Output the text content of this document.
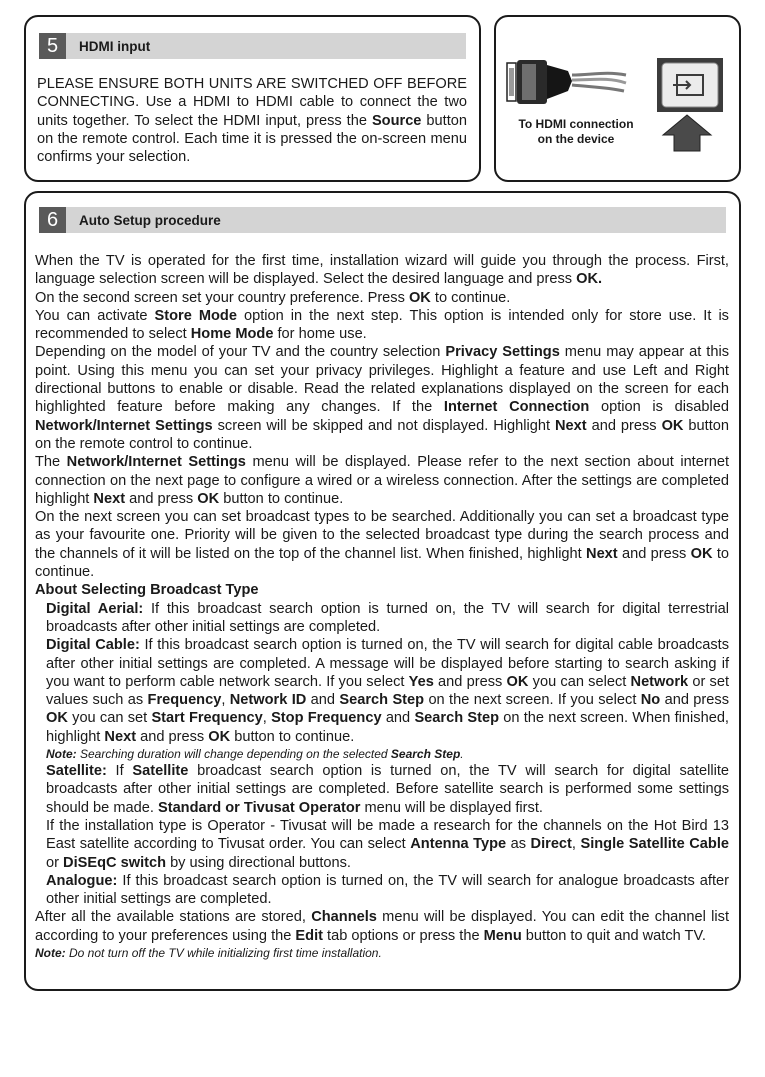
5	HDMI input

PLEASE ENSURE BOTH UNITS ARE SWITCHED OFF BEFORE CONNECTING. Use a HDMI to HDMI cable to connect the two units together. To select the HDMI input, press the Source button on the remote control. Each time it is pressed the on-screen menu confirms your selection.

To HDMI connection
on the device
6	Auto Setup procedure

When the TV is operated for the first time, installation wizard will guide you through the process. First, language selection screen will be displayed. Select the desired language and press OK.

On the second screen set your country preference. Press OK to continue.

You can activate Store Mode option in the next step. This option is intended only for store use. It is recommended to select Home Mode for home use.

Depending on the model of your TV and the country selection Privacy Settings menu may appear at this point. Using this menu you can set your privacy privileges. Highlight a feature and use Left and Right directional buttons to enable or disable. Read the related explanations displayed on the screen for each highlighted feature before making any changes. If the Internet Connection option is disabled Network/Internet Settings screen will be skipped and not displayed. Highlight Next and press OK button on the remote control to continue.

The Network/Internet Settings menu will be displayed. Please refer to the next section about internet connection on the next page to configure a wired or a wireless connection. After the settings are completed highlight Next and press OK button to continue.

On the next screen you can set broadcast types to be searched. Additionally you can set a broadcast type as your favourite one. Priority will be given to the selected broadcast type during the search process and the channels of it will be listed on the top of the channel list. When finished, highlight Next and press OK to continue.

About Selecting Broadcast Type

Digital Aerial: If this broadcast search option is turned on, the TV will search for digital terrestrial broadcasts after other initial settings are completed.

Digital Cable: If this broadcast search option is turned on, the TV will search for digital cable broadcasts after other initial settings are completed. A message will be displayed before starting to search asking if you want to perform cable network search. If you select Yes and press OK you can select Network or set values such as Frequency, Network ID and Search Step on the next screen. If you select No and press OK you can set Start Frequency, Stop Frequency and Search Step on the next screen. When finished, highlight Next and press OK button to continue.

Note: Searching duration will change depending on the selected Search Step.

Satellite: If Satellite broadcast search option is turned on, the TV will search for digital satellite broadcasts after other initial settings are completed. Before satellite search is performed some settings should be made. Standard or Tivusat Operator menu will be displayed first.

If the installation type is Operator - Tivusat will be made a research for the channels on the Hot Bird 13 East satellite according to Tivusat order. You can select Antenna Type as Direct, Single Satellite Cable or DiSEqC switch by using directional buttons.

Analogue: If this broadcast search option is turned on, the TV will search for analogue broadcasts after other initial settings are completed.

After all the available stations are stored, Channels menu will be displayed. You can edit the channel list according to your preferences using the Edit tab options or press the Menu button to quit and watch TV.

Note: Do not turn off the TV while initializing first time installation.
